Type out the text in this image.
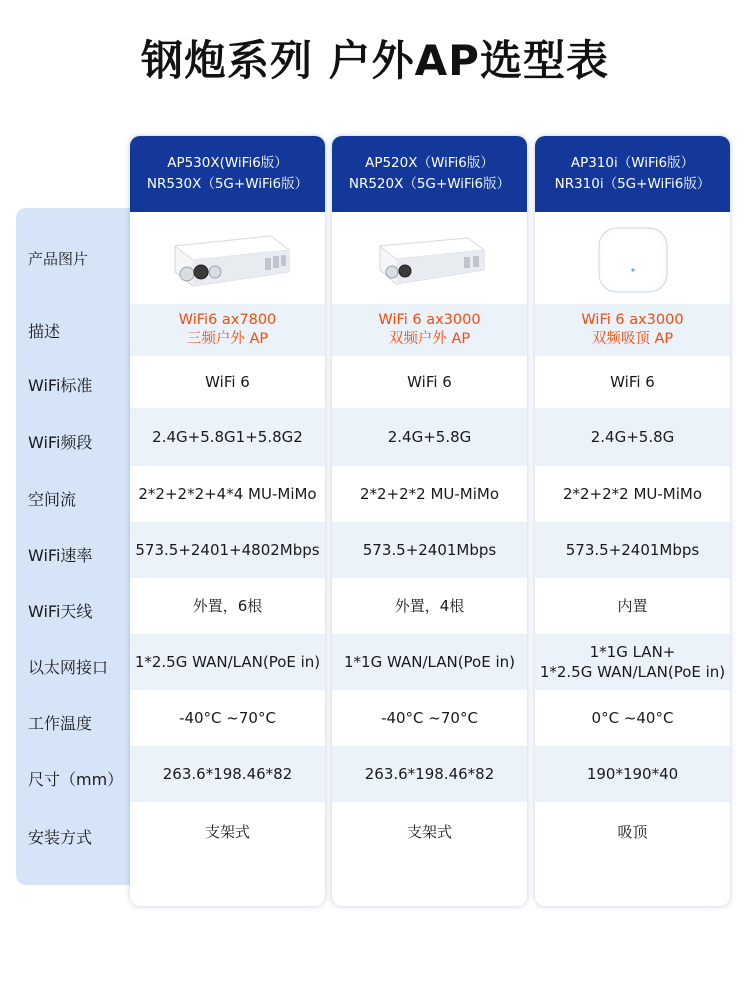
钢炮系列 户外AP选型表
产品图片
描述
WiFi标准
WiFi频段
空间流
WiFi速率
WiFi天线
以太网接口
工作温度
尺寸（mm）
安装方式
AP530X(WiFi6版）
NR530X（5G+WiFi6版）
WiFi6 ax7800
三频户外 AP
WiFi 6
2.4G+5.8G1+5.8G2
2*2+2*2+4*4 MU-MiMo
573.5+2401+4802Mbps
外置，6根
1*2.5G WAN/LAN(PoE in)
-40°C ~70°C
263.6*198.46*82
支架式
AP520X（WiFi6版）
NR520X（5G+WiFi6版）
WiFi 6 ax3000
双频户外 AP
WiFi 6
2.4G+5.8G
2*2+2*2 MU-MiMo
573.5+2401Mbps
外置，4根
1*1G WAN/LAN(PoE in)
-40°C ~70°C
263.6*198.46*82
支架式
AP310i（WiFi6版）
NR310i（5G+WiFi6版）
WiFi 6 ax3000
双频吸顶 AP
WiFi 6
2.4G+5.8G
2*2+2*2 MU-MiMo
573.5+2401Mbps
内置
1*1G LAN+
1*2.5G WAN/LAN(PoE in)
0°C ~40°C
190*190*40
吸顶
